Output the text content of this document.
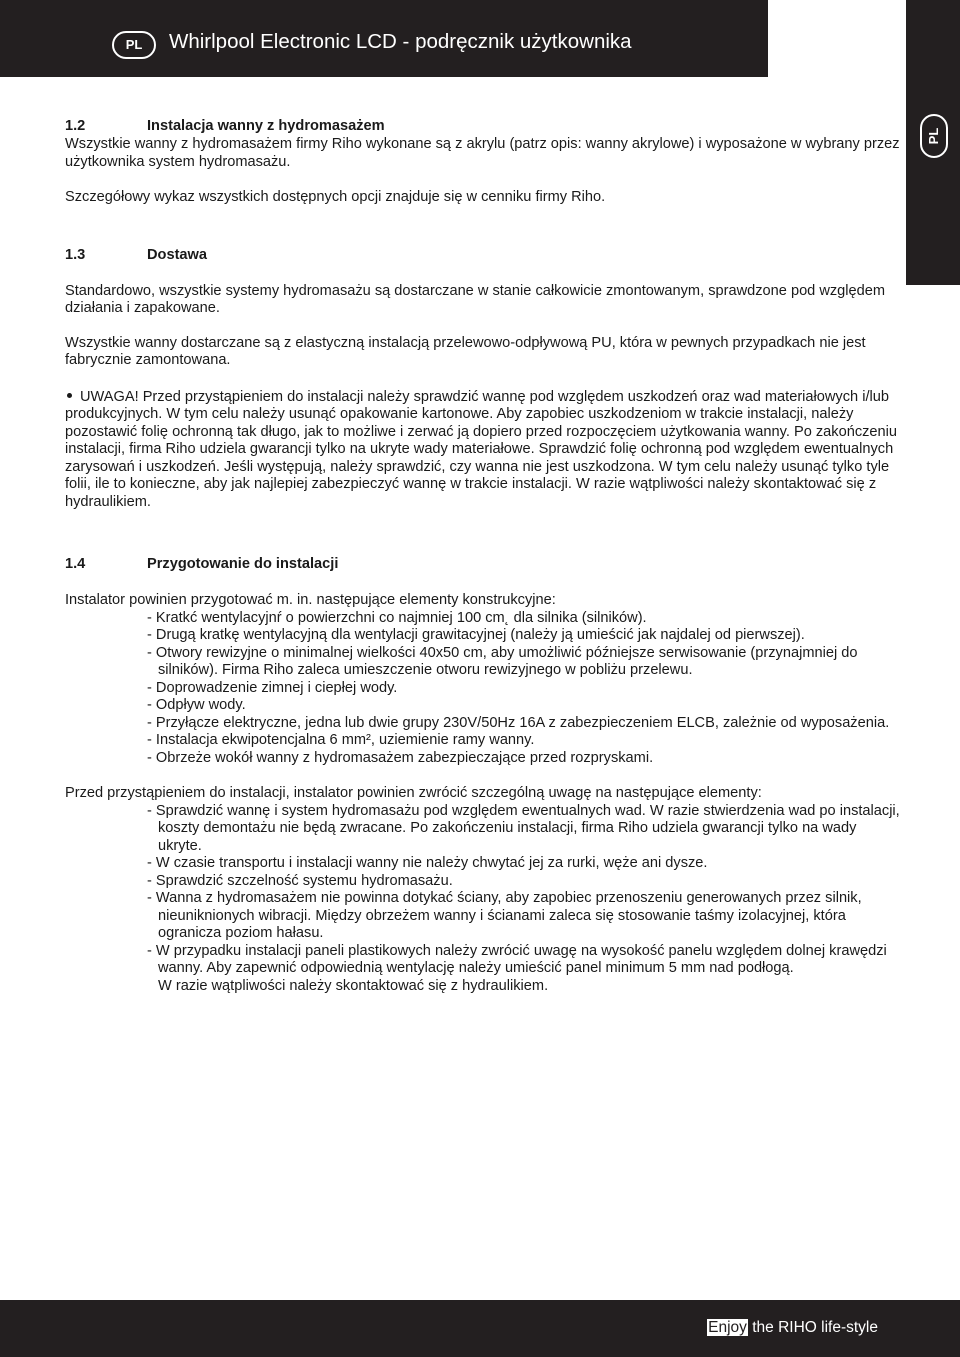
PL	Whirlpool Electronic LCD - podręcznik użytkownika
PL
1.2	Instalacja wanny z hydromasażem

Wszystkie wanny z hydromasażem firmy Riho wykonane są z akrylu (patrz opis: wanny akrylowe) i wyposażone w wybrany przez użytkownika system hydromasażu.

Szczegółowy wykaz wszystkich dostępnych opcji znajduje się w cenniku firmy Riho.

1.3	Dostawa

Standardowo, wszystkie systemy hydromasażu są dostarczane w stanie całkowicie zmontowanym, sprawdzone pod względem działania i zapakowane.

Wszystkie wanny dostarczane są z elastyczną instalacją przelewowo-odpływową PU, która w pewnych przypadkach nie jest fabrycznie zamontowana.

UWAGA! Przed przystąpieniem do instalacji należy sprawdzić wannę pod względem uszkodzeń oraz wad materiałowych i/lub produkcyjnych. W tym celu należy usunąć opakowanie kartonowe. Aby zapobiec uszkodzeniom w trakcie instalacji, należy pozostawić folię ochronną tak długo, jak to możliwe i zerwać ją dopiero przed rozpoczęciem użytkowania wanny. Po zakończeniu instalacji, firma Riho udziela gwarancji tylko na ukryte wady materiałowe. Sprawdzić folię ochronną pod względem ewentualnych zarysowań i uszkodzeń. Jeśli występują, należy sprawdzić, czy wanna nie jest uszkodzona. W tym celu należy usunąć tylko tyle folii, ile to konieczne, aby jak najlepiej zabezpieczyć wannę w trakcie instalacji. W razie wątpliwości należy skontaktować się z hydraulikiem.

1.4	Przygotowanie do instalacji

Instalator powinien przygotować m. in. następujące elementy konstrukcyjne:

- Kratkć wentylacyjnŕ o powierzchni co najmniej 100 cm˛ dla silnika (silników).
- Drugą kratkę wentylacyjną dla wentylacji grawitacyjnej (należy ją umieścić jak najdalej od pierwszej).
- Otwory rewizyjne o minimalnej wielkości 40x50 cm, aby umożliwić późniejsze serwisowanie (przynajmniej do silników). Firma Riho zaleca umieszczenie otworu rewizyjnego w pobliżu przelewu.
- Doprowadzenie zimnej i ciepłej wody.
- Odpływ wody.
- Przyłącze elektryczne, jedna lub dwie grupy 230V/50Hz 16A z zabezpieczeniem ELCB, zależnie od wyposażenia.
- Instalacja ekwipotencjalna 6 mm², uziemienie ramy wanny.
- Obrzeże wokół wanny z hydromasażem zabezpieczające przed rozpryskami.

Przed przystąpieniem do instalacji, instalator powinien zwrócić szczególną uwagę na następujące elementy:

- Sprawdzić wannę i system hydromasażu pod względem ewentualnych wad. W razie stwierdzenia wad po instalacji, koszty demontażu nie będą zwracane. Po zakończeniu instalacji, firma Riho udziela gwarancji tylko na wady ukryte.
- W czasie transportu i instalacji wanny nie należy chwytać jej za rurki, węże ani dysze.
- Sprawdzić szczelność systemu hydromasażu.
- Wanna z hydromasażem nie powinna dotykać ściany, aby zapobiec przenoszeniu generowanych przez silnik, nieuniknionych wibracji. Między obrzeżem wanny i ścianami zaleca się stosowanie taśmy izolacyjnej, która ogranicza poziom hałasu.
- W przypadku instalacji paneli plastikowych należy zwrócić uwagę na wysokość panelu względem dolnej krawędzi wanny. Aby zapewnić odpowiednią wentylację należy umieścić panel minimum 5 mm nad podłogą.
W razie wątpliwości należy skontaktować się z hydraulikiem.
Enjoy the RIHO life-style
